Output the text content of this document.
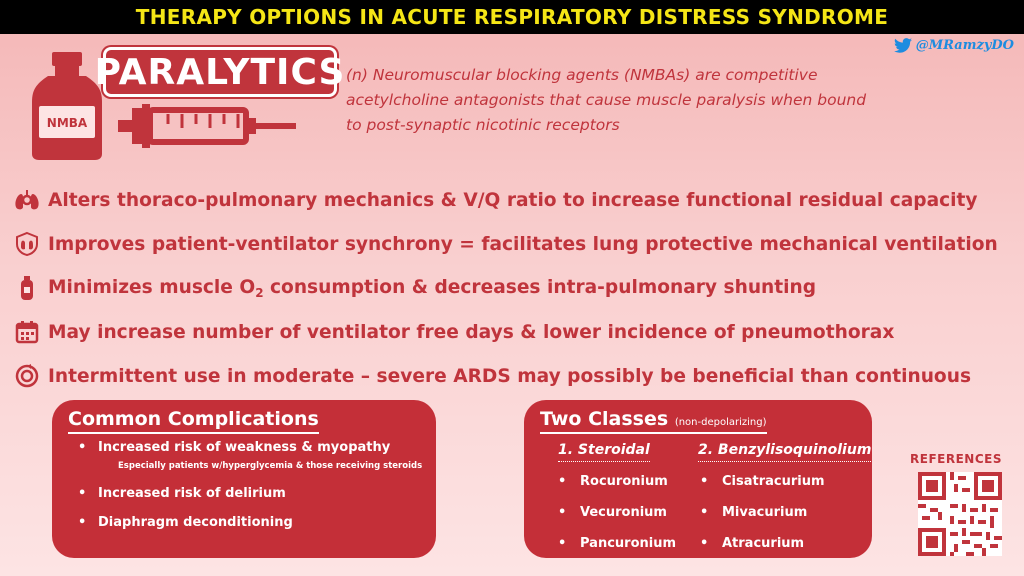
THERAPY OPTIONS IN ACUTE RESPIRATORY DISTRESS SYNDROME
@MRamzyDO
NMBA
PARALYTICS (n) Neuromuscular blocking agents (NMBAs) are competitive acetylcholine antagonists that cause muscle paralysis when bound to post-synaptic nicotinic receptors
Alters thoraco-pulmonary mechanics & V/Q ratio to increase functional residual capacity
Improves patient-ventilator synchrony = facilitates lung protective mechanical ventilation
Minimizes muscle $O_2$ consumption & decreases intra-pulmonary shunting
May increase number of ventilator free days & lower incidence of pneumothorax
Intermittent use in moderate – severe ARDS may possibly be beneficial than continuous
Common Complications
• Increased risk of weakness & myopathy
Especially patients w/hyperglycemia & those receiving steroids
• Increased risk of delirium
• Diaphragm deconditioning
Two Classes (non-depolarizing)
1. Steroidal
• Rocuronium
• Vecuronium
• Pancuronium
2. Benzylisoquinolium
• Cisatracurium
• Mivacurium
• Atracurium
REFERENCES
